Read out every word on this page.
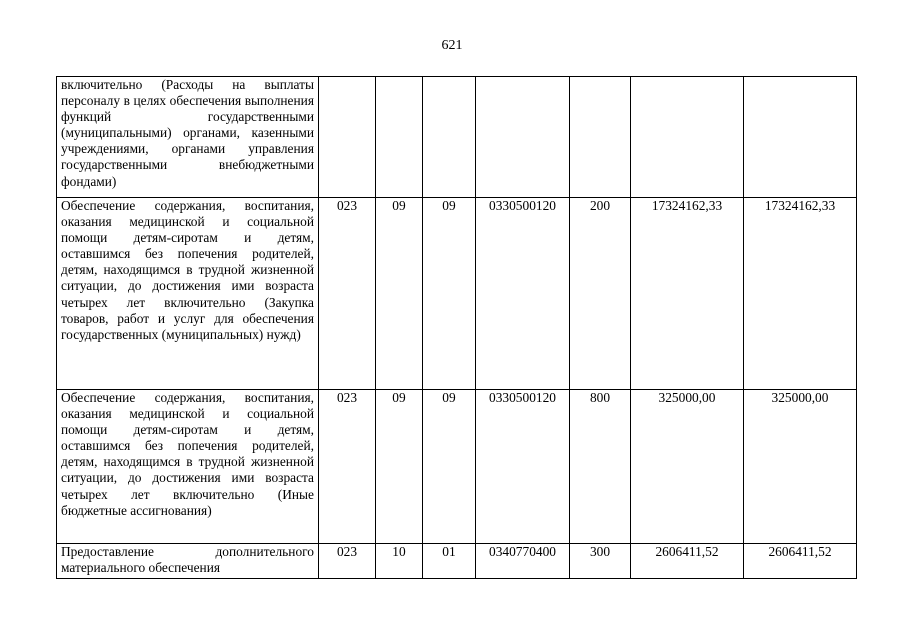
621
включительно (Расходы на выплаты персоналу в целях обеспечения выполнения функций государственными (муниципальными) органами, казенными учреждениями, органами управления государственными внебюджетными фондами)							
Обеспечение содержания, воспитания, оказания медицинской и социальной помощи детям-сиротам и детям, оставшимся без попечения родителей, детям, находящимся в трудной жизненной ситуации, до достижения ими возраста четырех лет включительно (Закупка товаров, работ и услуг для обеспечения государственных (муниципальных) нужд)	023	09	09	0330500120	200	17324162,33	17324162,33
Обеспечение содержания, воспитания, оказания медицинской и социальной помощи детям-сиротам и детям, оставшимся без попечения родителей, детям, находящимся в трудной жизненной ситуации, до достижения ими возраста четырех лет включительно (Иные бюджетные ассигнования)	023	09	09	0330500120	800	325000,00	325000,00
Предоставление дополнительного материального обеспечения	023	10	01	0340770400	300	2606411,52	2606411,52
